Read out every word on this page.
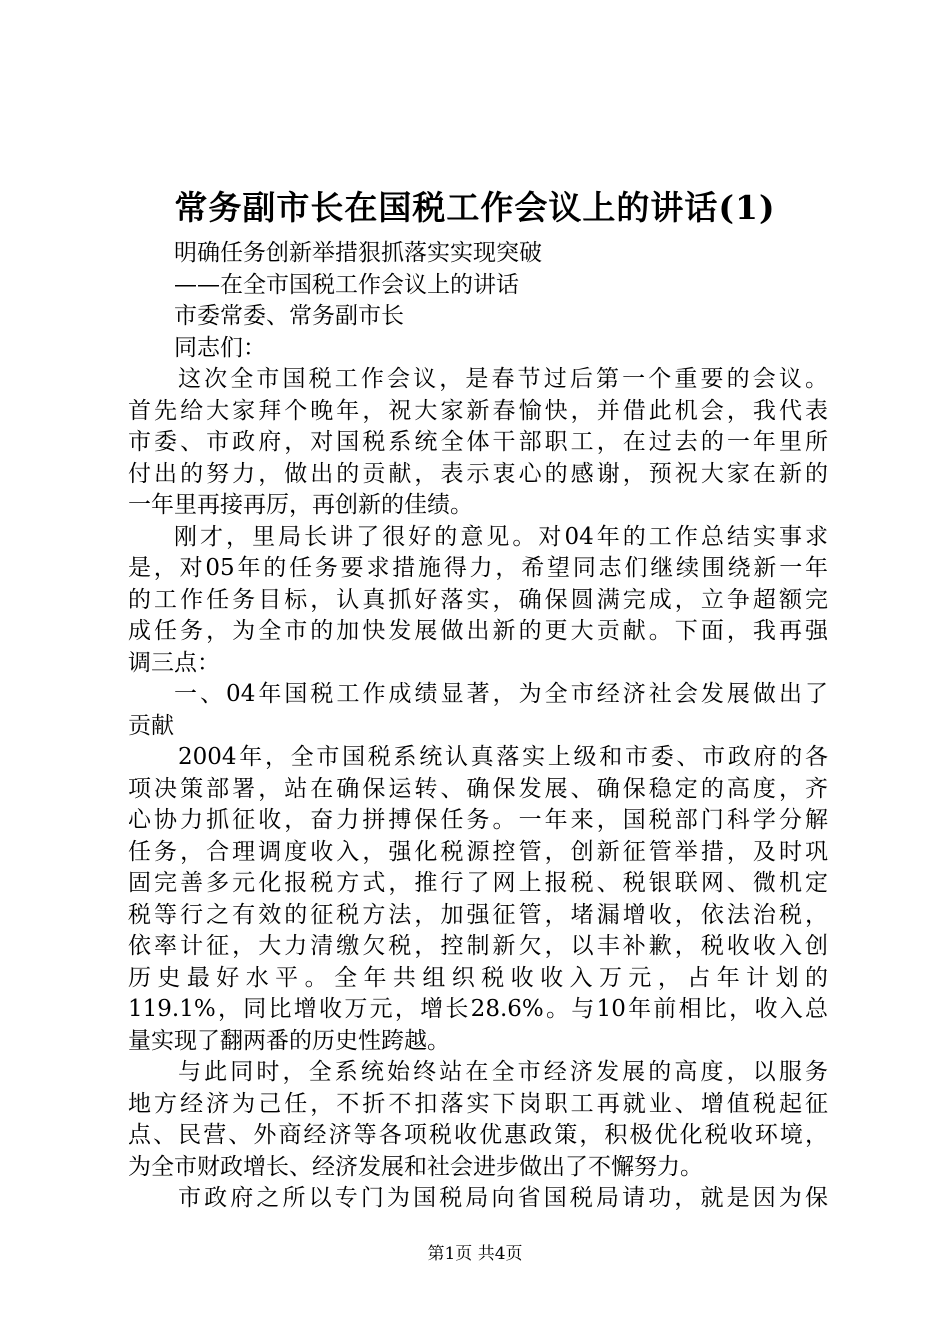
常务副市长在国税工作会议上的讲话(1)
明确任务创新举措狠抓落实实现突破
——在全市国税工作会议上的讲话
市委常委、常务副市长
同志们：
这次全市国税工作会议，是春节过后第一个重要的会议。
首先给大家拜个晚年，祝大家新春愉快，并借此机会，我代表
市委、市政府，对国税系统全体干部职工，在过去的一年里所
付出的努力，做出的贡献，表示衷心的感谢，预祝大家在新的
一年里再接再厉，再创新的佳绩。
刚才，里局长讲了很好的意见。对04年的工作总结实事求
是，对05年的任务要求措施得力，希望同志们继续围绕新一年
的工作任务目标，认真抓好落实，确保圆满完成，立争超额完
成任务，为全市的加快发展做出新的更大贡献。下面，我再强
调三点：
一、04年国税工作成绩显著，为全市经济社会发展做出了
贡献
2004年，全市国税系统认真落实上级和市委、市政府的各
项决策部署，站在确保运转、确保发展、确保稳定的高度，齐
心协力抓征收，奋力拼搏保任务。一年来，国税部门科学分解
任务，合理调度收入，强化税源控管，创新征管举措，及时巩
固完善多元化报税方式，推行了网上报税、税银联网、微机定
税等行之有效的征税方法，加强征管，堵漏增收，依法治税，
依率计征，大力清缴欠税，控制新欠，以丰补歉，税收收入创
历史最好水平。全年共组织税收收入万元，占年计划的
119.1%，同比增收万元，增长28.6%。与10年前相比，收入总
量实现了翻两番的历史性跨越。
与此同时，全系统始终站在全市经济发展的高度，以服务
地方经济为己任，不折不扣落实下岗职工再就业、增值税起征
点、民营、外商经济等各项税收优惠政策，积极优化税收环境，
为全市财政增长、经济发展和社会进步做出了不懈努力。
市政府之所以专门为国税局向省国税局请功，就是因为保
第1页 共4页
